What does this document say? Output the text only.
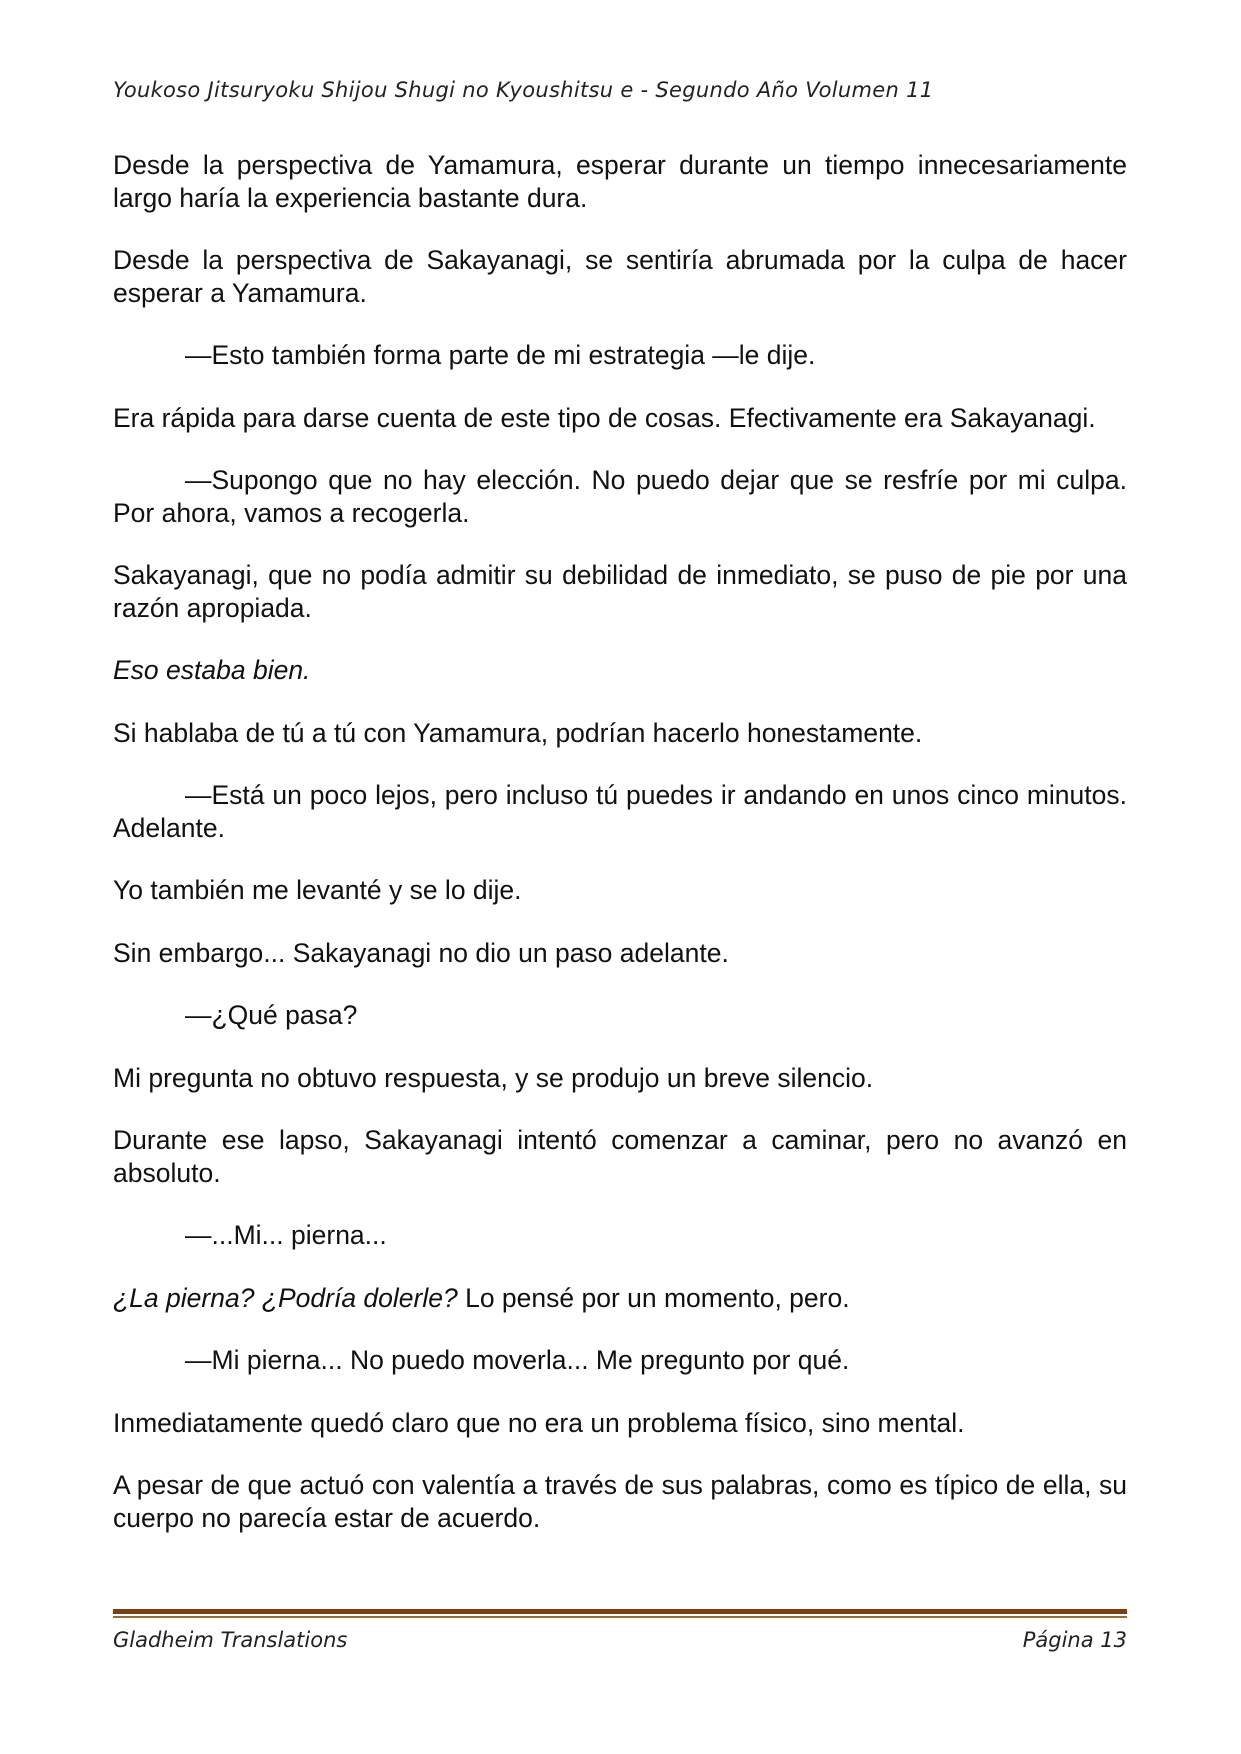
Youkoso Jitsuryoku Shijou Shugi no Kyoushitsu e - Segundo Año Volumen 11

Desde la perspectiva de Yamamura, esperar durante un tiempo innecesariamente largo haría la experiencia bastante dura.

Desde la perspectiva de Sakayanagi, se sentiría abrumada por la culpa de hacer esperar a Yamamura.

—Esto también forma parte de mi estrategia —le dije.

Era rápida para darse cuenta de este tipo de cosas. Efectivamente era Sakayanagi.

—Supongo que no hay elección. No puedo dejar que se resfríe por mi culpa. Por ahora, vamos a recogerla.

Sakayanagi, que no podía admitir su debilidad de inmediato, se puso de pie por una razón apropiada.

Eso estaba bien.

Si hablaba de tú a tú con Yamamura, podrían hacerlo honestamente.

—Está un poco lejos, pero incluso tú puedes ir andando en unos cinco minutos. Adelante.

Yo también me levanté y se lo dije.

Sin embargo... Sakayanagi no dio un paso adelante.

—¿Qué pasa?

Mi pregunta no obtuvo respuesta, y se produjo un breve silencio.

Durante ese lapso, Sakayanagi intentó comenzar a caminar, pero no avanzó en absoluto.

—...Mi... pierna...

¿La pierna? ¿Podría dolerle? Lo pensé por un momento, pero.

—Mi pierna... No puedo moverla... Me pregunto por qué.

Inmediatamente quedó claro que no era un problema físico, sino mental.

A pesar de que actuó con valentía a través de sus palabras, como es típico de ella, su cuerpo no parecía estar de acuerdo.

Gladheim Translations	Página 13
